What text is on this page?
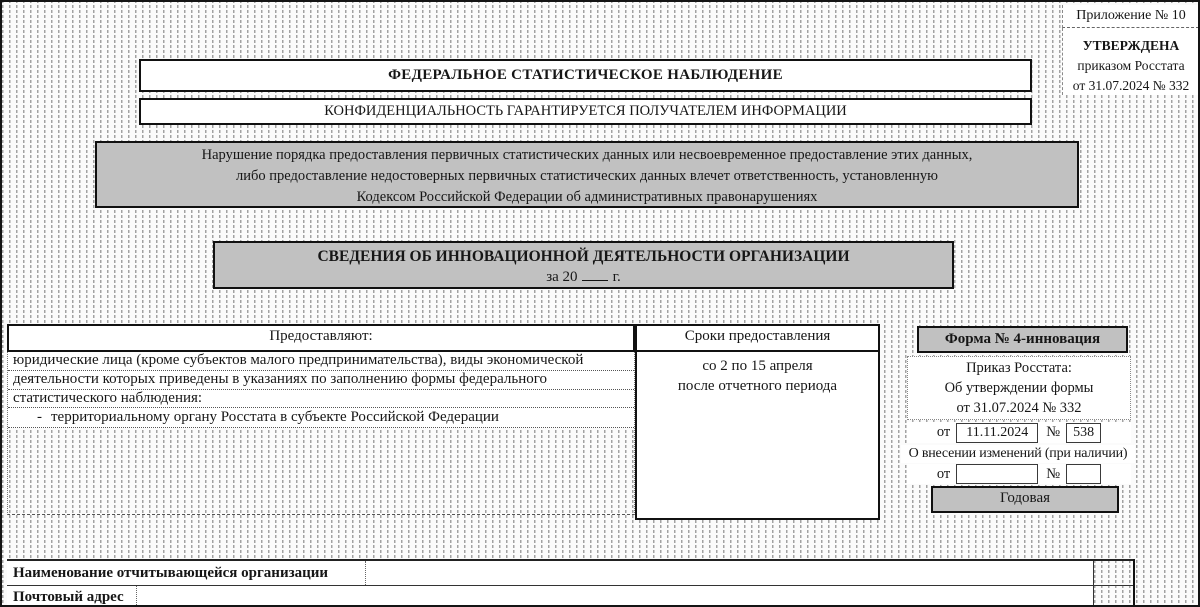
Приложение № 10
УТВЕРЖДЕНА
приказом Росстата
от 31.07.2024 № 332
ФЕДЕРАЛЬНОЕ СТАТИСТИЧЕСКОЕ НАБЛЮДЕНИЕ
КОНФИДЕНЦИАЛЬНОСТЬ ГАРАНТИРУЕТСЯ ПОЛУЧАТЕЛЕМ ИНФОРМАЦИИ
Нарушение порядка предоставления первичных статистических данных или несвоевременное предоставление этих данных,
либо предоставление недостоверных первичных статистических данных влечет ответственность, установленную
Кодексом Российской Федерации об административных правонарушениях
СВЕДЕНИЯ ОБ ИННОВАЦИОННОЙ ДЕЯТЕЛЬНОСТИ ОРГАНИЗАЦИИ
за 20 г.
Предоставляют:
юридические лица (кроме субъектов малого предпринимательства), виды экономической
деятельности которых приведены в указаниях по заполнению формы федерального
статистического наблюдения:
- территориальному органу Росстата в субъекте Российской Федерации
Сроки предоставления
со 2 по 15 апреля
после отчетного периода
Форма № 4-инновация
Приказ Росстата:
Об утверждении формы
от 31.07.2024 № 332
от	11.11.2024	№ 538
О внесении изменений (при наличии)
от	№
Годовая
Наименование отчитывающейся организации
Почтовый адрес
